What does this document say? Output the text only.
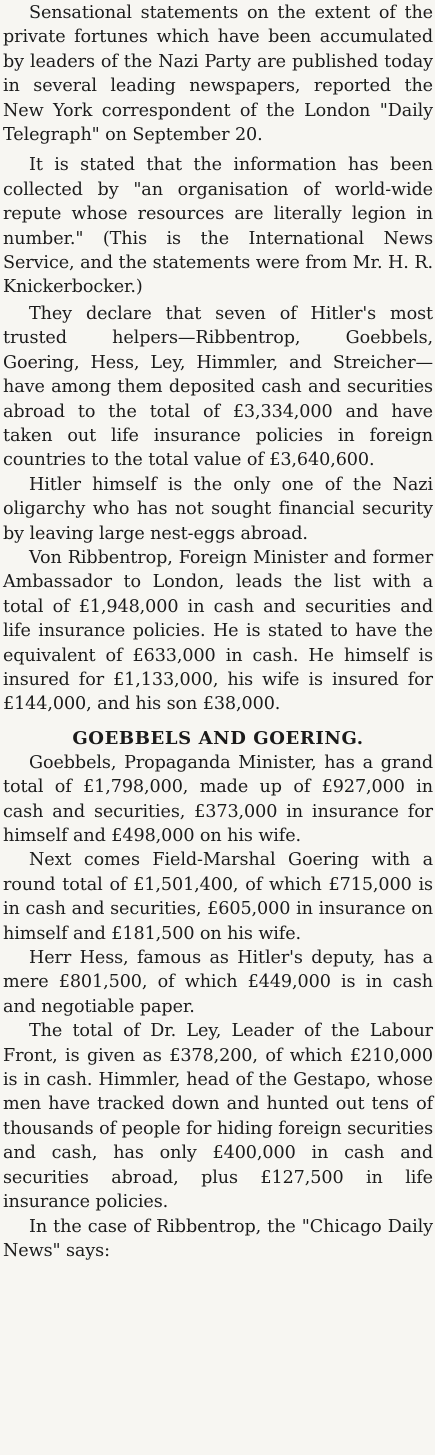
Sensational statements on the extent of the private fortunes which have been accumulated by leaders of the Nazi Party are published today in several leading newspapers, reported the New York correspondent of the London "Daily Telegraph" on September 20.

It is stated that the information has been collected by "an organisation of world-wide repute whose resources are literally legion in number." (This is the International News Service, and the statements were from Mr. H. R. Knickerbocker.)

They declare that seven of Hitler's most trusted helpers—Ribbentrop, Goebbels, Goering, Hess, Ley, Himmler, and Streicher—have among them deposited cash and securities abroad to the total of £3,334,000 and have taken out life insurance policies in foreign countries to the total value of £3,640,600.

Hitler himself is the only one of the Nazi oligarchy who has not sought financial security by leaving large nest-eggs abroad.

Von Ribbentrop, Foreign Minister and former Ambassador to London, leads the list with a total of £1,948,000 in cash and securities and life insurance policies. He is stated to have the equivalent of £633,000 in cash. He himself is insured for £1,133,000, his wife is insured for £144,000, and his son £38,000.

GOEBBELS AND GOERING.

Goebbels, Propaganda Minister, has a grand total of £1,798,000, made up of £927,000 in cash and securities, £373,000 in insurance for himself and £498,000 on his wife.

Next comes Field-Marshal Goering with a round total of £1,501,400, of which £715,000 is in cash and securities, £605,000 in insurance on himself and £181,500 on his wife.

Herr Hess, famous as Hitler's deputy, has a mere £801,500, of which £449,000 is in cash and negotiable paper.

The total of Dr. Ley, Leader of the Labour Front, is given as £378,200, of which £210,000 is in cash. Himmler, head of the Gestapo, whose men have tracked down and hunted out tens of thousands of people for hiding foreign securities and cash, has only £400,000 in cash and securities abroad, plus £127,500 in life insurance policies.

In the case of Ribbentrop, the "Chicago Daily News" says:
